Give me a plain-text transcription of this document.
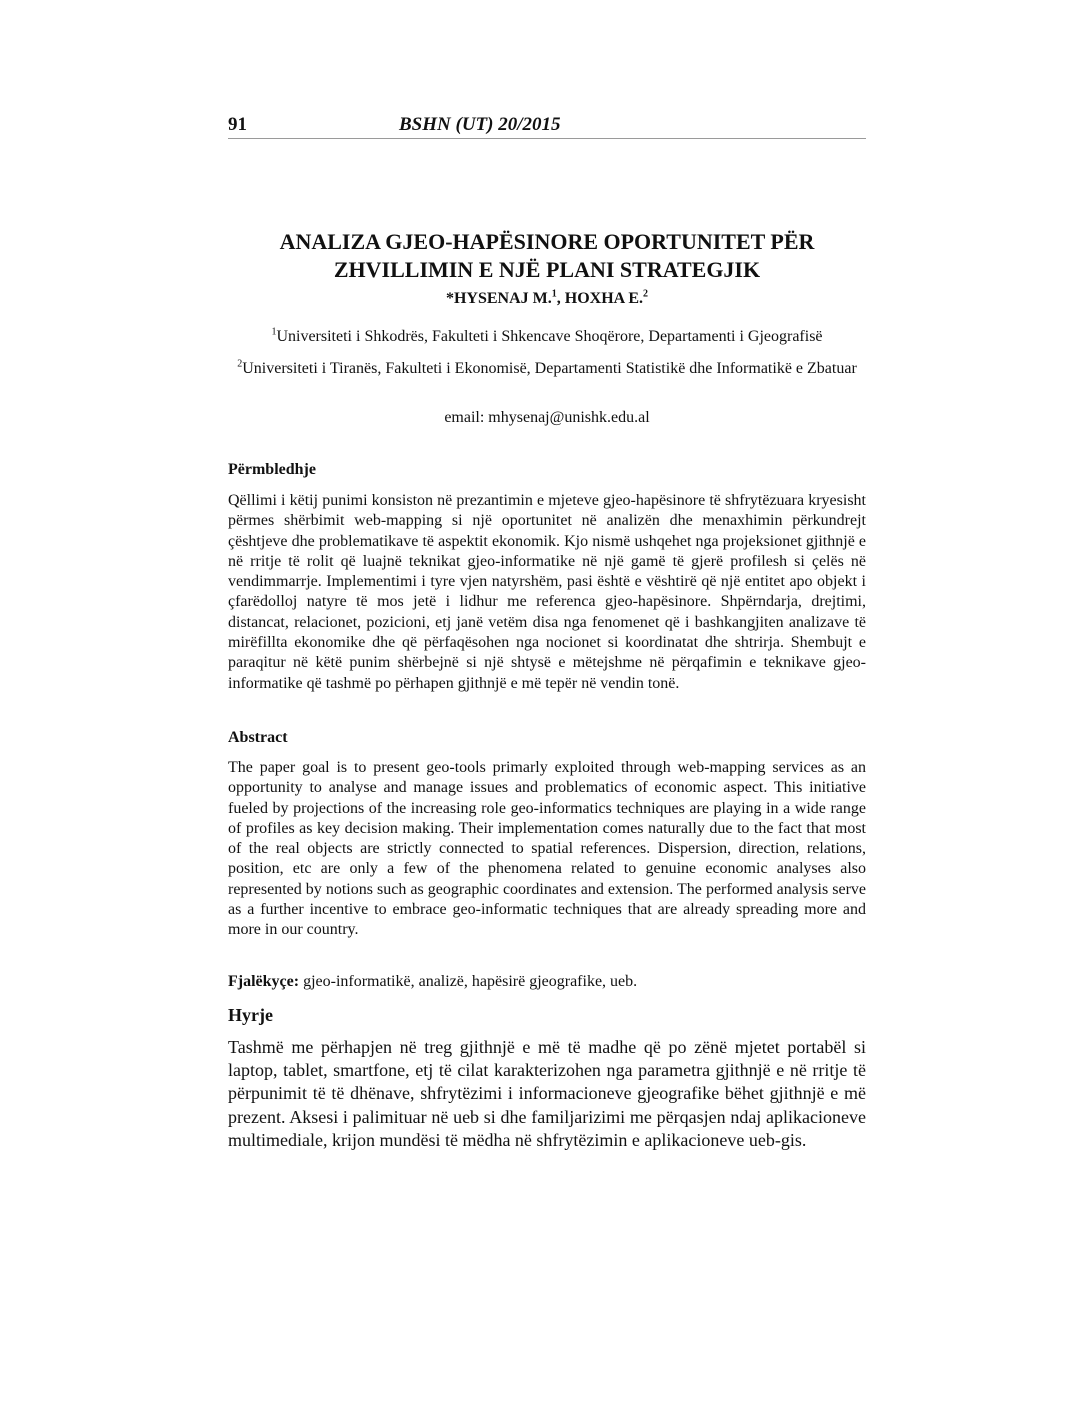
91	BSHN (UT) 20/2015
ANALIZA GJEO-HAPËSINORE OPORTUNITET PËR
ZHVILLIMIN E NJË PLANI STRATEGJIK
*HYSENAJ M.$^1$, HOXHA E.$^2$
$^1$Universiteti i Shkodrës, Fakulteti i Shkencave Shoqërore, Departamenti i Gjeografisë
$^2$Universiteti i Tiranës, Fakulteti i Ekonomisë, Departamenti Statistikë dhe Informatikë e Zbatuar
email: mhysenaj@unishk.edu.al
Përmbledhje

Qëllimi i këtij punimi konsiston në prezantimin e mjeteve gjeo-hapësinore të shfrytëzuara kryesisht përmes shërbimit web-mapping si një oportunitet në analizën dhe menaxhimin përkundrejt çështjeve dhe problematikave të aspektit ekonomik. Kjo nismë ushqehet nga projeksionet gjithnjë e në rritje të rolit që luajnë teknikat gjeo-informatike në një gamë të gjerë profilesh si çelës në vendimmarrje. Implementimi i tyre vjen natyrshëm, pasi është e vështirë që një entitet apo objekt i çfarëdolloj natyre të mos jetë i lidhur me referenca gjeo-hapësinore. Shpërndarja, drejtimi, distancat, relacionet, pozicioni, etj janë vetëm disa nga fenomenet që i bashkangjiten analizave të mirëfillta ekonomike dhe që përfaqësohen nga nocionet si koordinatat dhe shtrirja. Shembujt e paraqitur në këtë punim shërbejnë si një shtysë e mëtejshme në përqafimin e teknikave gjeo-informatike që tashmë po përhapen gjithnjë e më tepër në vendin tonë.

Abstract

The paper goal is to present geo-tools primarly exploited through web-mapping services as an opportunity to analyse and manage issues and problematics of economic aspect. This initiative fueled by projections of the increasing role geo-informatics techniques are playing in a wide range of profiles as key decision making. Their implementation comes naturally due to the fact that most of the real objects are strictly connected to spatial references. Dispersion, direction, relations, position, etc are only a few of the phenomena related to genuine economic analyses also represented by notions such as geographic coordinates and extension. The performed analysis serve as a further incentive to embrace geo-informatic techniques that are already spreading more and more in our country.

Fjalëkyçe: gjeo-informatikë, analizë, hapësirë gjeografike, ueb.
Hyrje

Tashmë me përhapjen në treg gjithnjë e më të madhe që po zënë mjetet portabël si laptop, tablet, smartfone, etj të cilat karakterizohen nga parametra gjithnjë e në rritje të përpunimit të të dhënave, shfrytëzimi i informacioneve gjeografike bëhet gjithnjë e më prezent. Aksesi i palimituar në ueb si dhe familjarizimi me përqasjen ndaj aplikacioneve multimediale, krijon mundësi të mëdha në shfrytëzimin e aplikacioneve ueb-gis.
